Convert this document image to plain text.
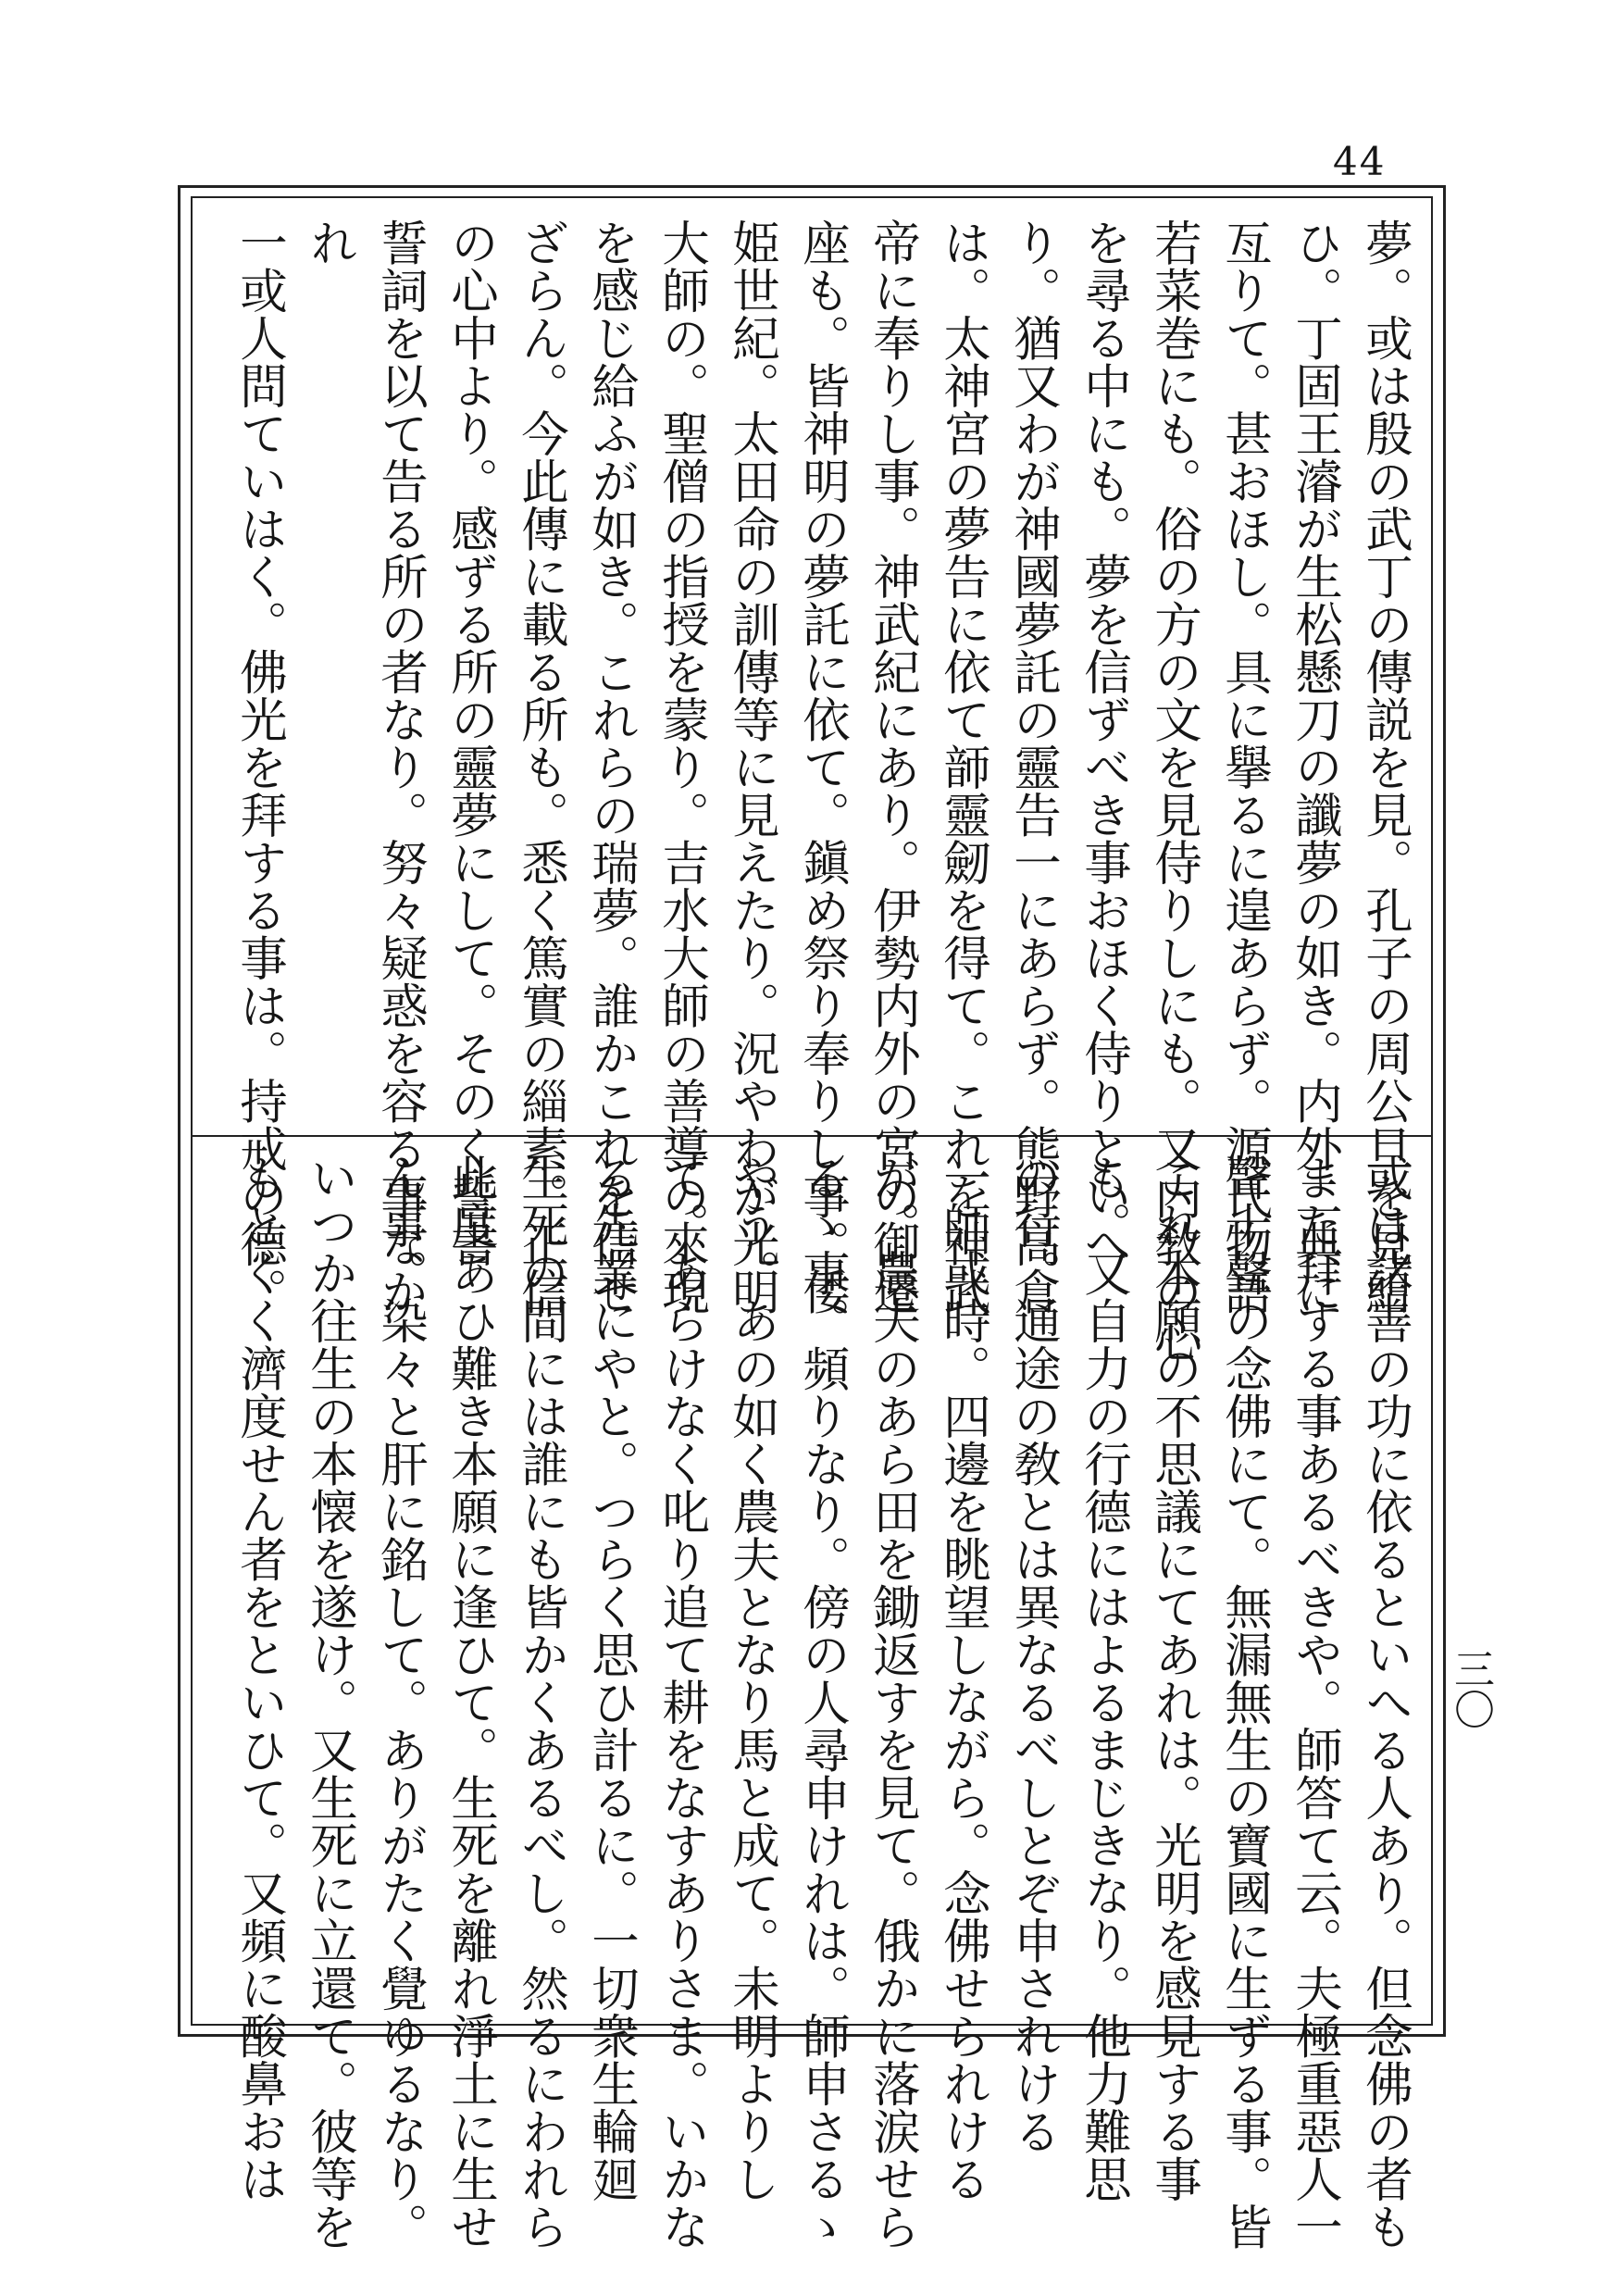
44
三〇
夢。或は殷の武丁の傳説を見。孔子の周公旦を見給
ひ。丁固王濬が生松懸刀の讖夢の如き。内外二典に
亙りて。甚おほし。具に擧るに遑あらず。源氏物語
若菜巻にも。俗の方の文を見侍りしにも。又内敎の心
を尋る中にも。夢を信ずべき事おほく侍りといへ
り。猶又わが神國夢託の靈告一にあらず。熊野高倉
は。太神宮の夢告に依て韴靈劒を得て。これを神武
帝に奉りし事。神武紀にあり。伊勢内外の宮の御遷
座も。皆神明の夢託に依て。鎭め祭り奉りし事。倭
姫世紀。太田命の訓傳等に見えたり。況やわが光明
大師の。聖僧の指授を蒙り。吉水大師の善導の來現
を感じ給ふが如き。これらの瑞夢。誰かこれを信せ
ざらん。今此傳に載る所も。悉く篤實の緇素。正信
の心中より。感ずる所の靈夢にして。そのく誓書
誓詞を以て告る所の者なり。努々疑惑を容る事なか
れ
一或人問ていはく。佛光を拜する事は。持戒の德。
或は諸善の功に依るといへる人あり。但念佛の者も
また拜する事あるべきや。師答て云。夫極重惡人一
聲十聲の念佛にて。無漏無生の寶國に生ずる事。皆
これ本願の不思議にてあれは。光明を感見する事
も。又自力の行德にはよるまじきなり。他力難思
の行。通途の敎とは異なるべしとぞ申されける
一師或時。四邊を眺望しながら。念佛せられける
が。農夫のあら田を鋤返すを見て。俄かに落涙せら
るゝ事。頻りなり。傍の人尋申けれは。師申さるゝ
やう。あの如く農夫となり馬と成て。未明よりし
て。あらけなく叱り追て耕をなすありさま。いかな
る先業にやと。つらく思ひ計るに。一切衆生輪廻
生死の間には誰にも皆かくあるべし。然るにわれら
此度あひ難き本願に逢ひて。生死を離れ淨土に生せ
ん事。染々と肝に銘して。ありがたく覺ゆるなり。
いつか往生の本懐を遂け。又生死に立還て。彼等を
もとくく濟度せん者をといひて。又頻に酸鼻おは
